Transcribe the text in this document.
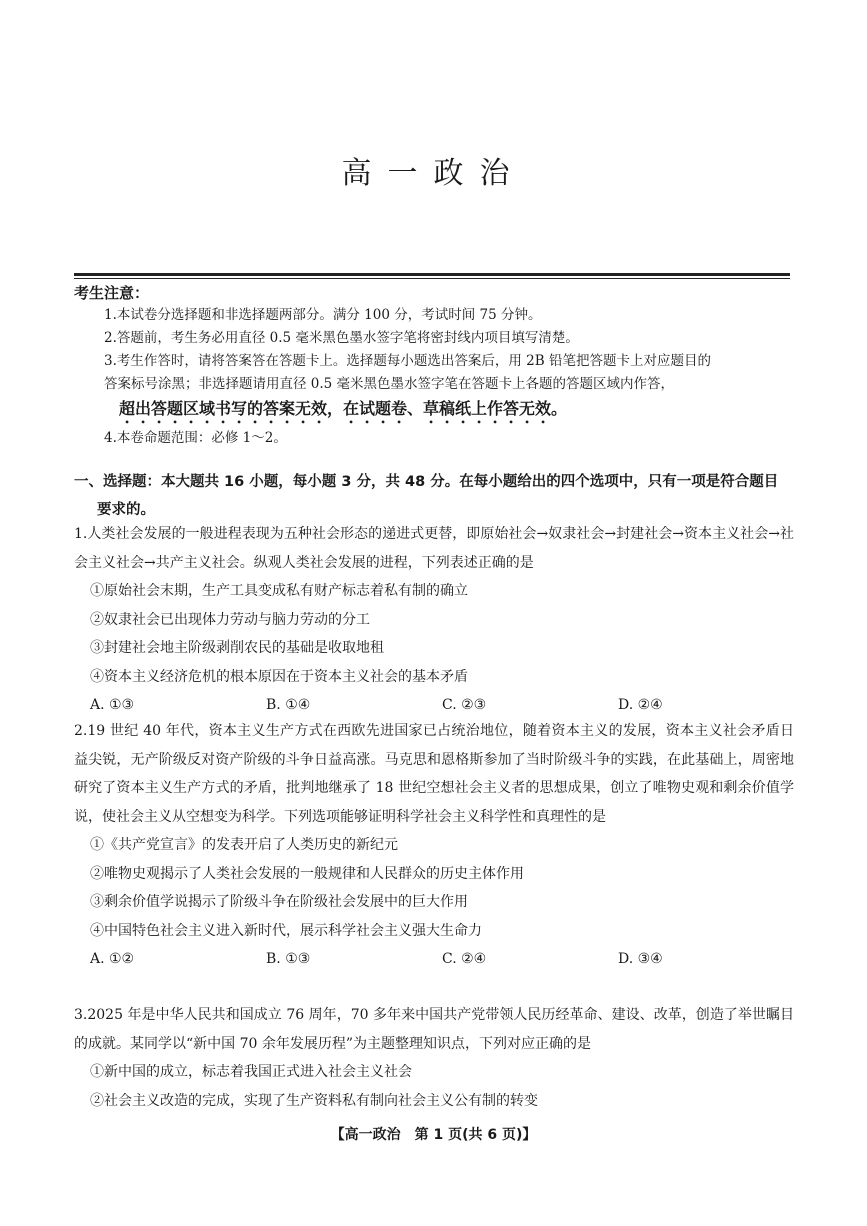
高一政治
考生注意：
1.本试卷分选择题和非选择题两部分。满分 100 分，考试时间 75 分钟。
2.答题前，考生务必用直径 0.5 毫米黑色墨水签字笔将密封线内项目填写清楚。
3.考生作答时，请将答案答在答题卡上。选择题每小题选出答案后，用 2B 铅笔把答题卡上对应题目的
答案标号涂黑；非选择题请用直径 0.5 毫米黑色墨水签字笔在答题卡上各题的答题区域内作答，
超出答题区域书写的答案无效，在试题卷、草稿纸上作答无效。
4.本卷命题范围：必修 1～2。
一、选择题：本大题共 16 小题，每小题 3 分，共 48 分。在每小题给出的四个选项中，只有一项是符合题目
要求的。
1.人类社会发展的一般进程表现为五种社会形态的递进式更替，即原始社会→奴隶社会→封建社会→资本主义社会→社会主义社会→共产主义社会。纵观人类社会发展的进程，下列表述正确的是
①原始社会末期，生产工具变成私有财产标志着私有制的确立
②奴隶社会已出现体力劳动与脑力劳动的分工
③封建社会地主阶级剥削农民的基础是收取地租
④资本主义经济危机的根本原因在于资本主义社会的基本矛盾
A. ①③	B. ①④	C. ②③	D. ②④
2.19 世纪 40 年代，资本主义生产方式在西欧先进国家已占统治地位，随着资本主义的发展，资本主义社会矛盾日益尖锐，无产阶级反对资产阶级的斗争日益高涨。马克思和恩格斯参加了当时阶级斗争的实践，在此基础上，周密地研究了资本主义生产方式的矛盾，批判地继承了 18 世纪空想社会主义者的思想成果，创立了唯物史观和剩余价值学说，使社会主义从空想变为科学。下列选项能够证明科学社会主义科学性和真理性的是
①《共产党宣言》的发表开启了人类历史的新纪元
②唯物史观揭示了人类社会发展的一般规律和人民群众的历史主体作用
③剩余价值学说揭示了阶级斗争在阶级社会发展中的巨大作用
④中国特色社会主义进入新时代，展示科学社会主义强大生命力
A. ①②	B. ①③	C. ②④	D. ③④
3.2025 年是中华人民共和国成立 76 周年，70 多年来中国共产党带领人民历经革命、建设、改革，创造了举世瞩目的成就。某同学以“新中国 70 余年发展历程”为主题整理知识点，下列对应正确的是
①新中国的成立，标志着我国正式进入社会主义社会
②社会主义改造的完成，实现了生产资料私有制向社会主义公有制的转变
【高一政治　第 1 页(共 6 页)】
